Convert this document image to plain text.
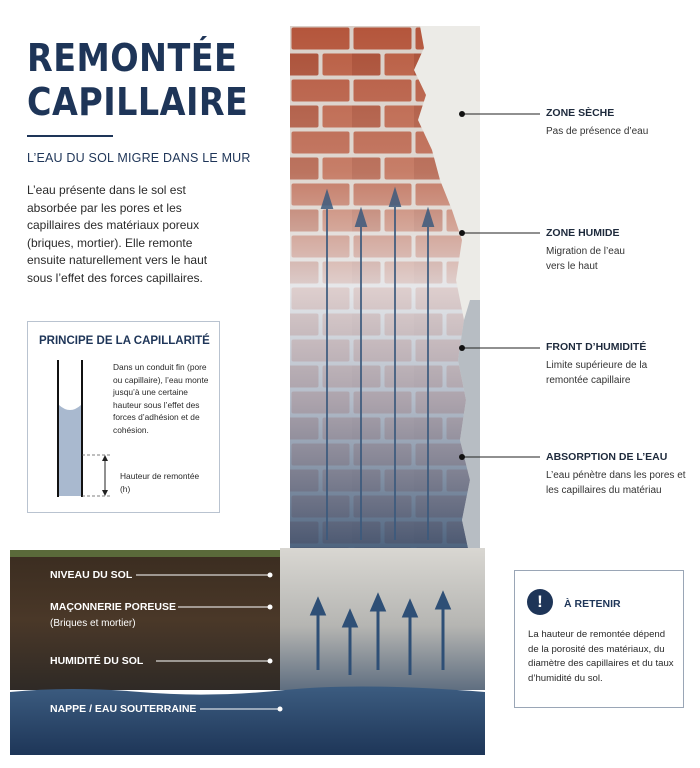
REMONTÉE
CAPILLAIRE
L’EAU DU SOL MIGRE DANS LE MUR
L’eau présente dans le sol est absorbée par les pores et les capillaires des matériaux poreux (briques, mortier). Elle remonte ensuite naturellement vers le haut sous l’effet des forces capillaires.
PRINCIPE DE LA CAPILLARITÉ
Dans un conduit fin (pore ou capillaire), l’eau monte jusqu’à une certaine hauteur sous l’effet des forces d’adhésion et de cohésion.
Hauteur de remontée (h)
ZONE SÈCHE
Pas de présence d’eau
ZONE HUMIDE
Migration de l’eau vers le haut
FRONT D’HUMIDITÉ
Limite supérieure de la remontée capillaire
ABSORPTION DE L’EAU
L’eau pénètre dans les pores et les capillaires du matériau
NIVEAU DU SOL
MAÇONNERIE POREUSE
(Briques et mortier)
HUMIDITÉ DU SOL
NAPPE / EAU SOUTERRAINE
!	À RETENIR
La hauteur de remontée dépend de la porosité des matériaux, du diamètre des capillaires et du taux d’humidité du sol.
